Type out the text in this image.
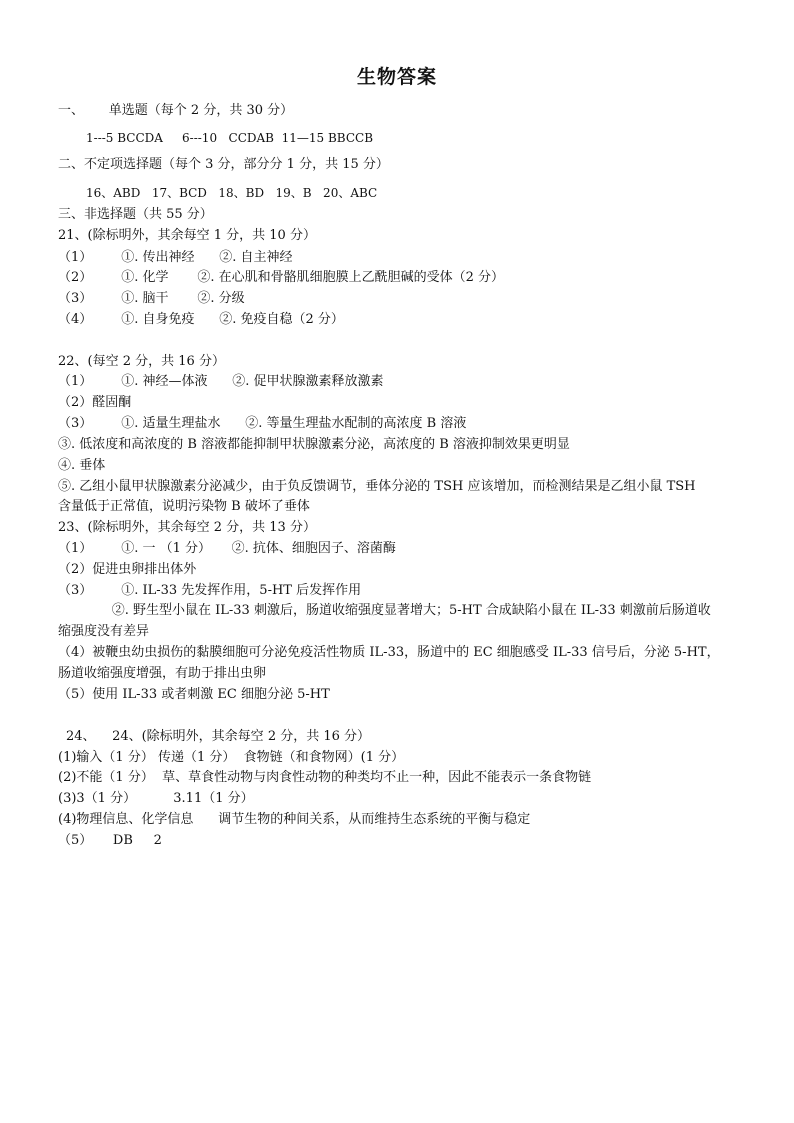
生物答案
一、      单选题（每个 2 分，共 30 分）
1---5 BCCDA     6---10   CCDAB  11—15 BBCCB
二、不定项选择题（每个 3 分，部分分 1 分，共 15 分）
16、ABD   17、BCD   18、BD   19、B   20、ABC
三、非选择题（共 55 分）
21、(除标明外，其余每空 1 分，共 10 分）
（1）       ①. 传出神经      ②. 自主神经
（2）       ①. 化学       ②. 在心肌和骨骼肌细胞膜上乙酰胆碱的受体（2 分）
（3）       ①. 脑干       ②. 分级
（4）       ①. 自身免疫      ②. 免疫自稳（2 分）
22、(每空 2 分，共 16 分）
（1）       ①. 神经—体液      ②. 促甲状腺激素释放激素
（2）醛固酮
（3）       ①. 适量生理盐水      ②. 等量生理盐水配制的高浓度 B 溶液
③. 低浓度和高浓度的 B 溶液都能抑制甲状腺激素分泌，高浓度的 B 溶液抑制效果更明显
④. 垂体
⑤. 乙组小鼠甲状腺激素分泌减少，由于负反馈调节，垂体分泌的 TSH 应该增加，而检测结果是乙组小鼠 TSH
含量低于正常值，说明污染物 B 破坏了垂体
23、(除标明外，其余每空 2 分，共 13 分）
（1）       ①. 一 （1 分）     ②. 抗体、细胞因子、溶菌酶
（2）促进虫卵排出体外
（3）       ①. IL-33 先发挥作用，5-HT 后发挥作用
②. 野生型小鼠在 IL-33 刺激后，肠道收缩强度显著增大；5-HT 合成缺陷小鼠在 IL-33 刺激前后肠道收
缩强度没有差异
（4）被鞭虫幼虫损伤的黏膜细胞可分泌免疫活性物质 IL-33，肠道中的 EC 细胞感受 IL-33 信号后，分泌 5-HT，
肠道收缩强度增强，有助于排出虫卵
（5）使用 IL-33 或者刺激 EC 细胞分泌 5-HT
24、    24、(除标明外，其余每空 2 分，共 16 分）
(1)输入（1 分） 传递（1 分）  食物链（和食物网）(1 分）
(2)不能（1 分）  草、草食性动物与肉食性动物的种类均不止一种，因此不能表示一条食物链
(3)3（1 分）         3.11（1 分）
(4)物理信息、化学信息      调节生物的种间关系，从而维持生态系统的平衡与稳定
（5）     DB     2
